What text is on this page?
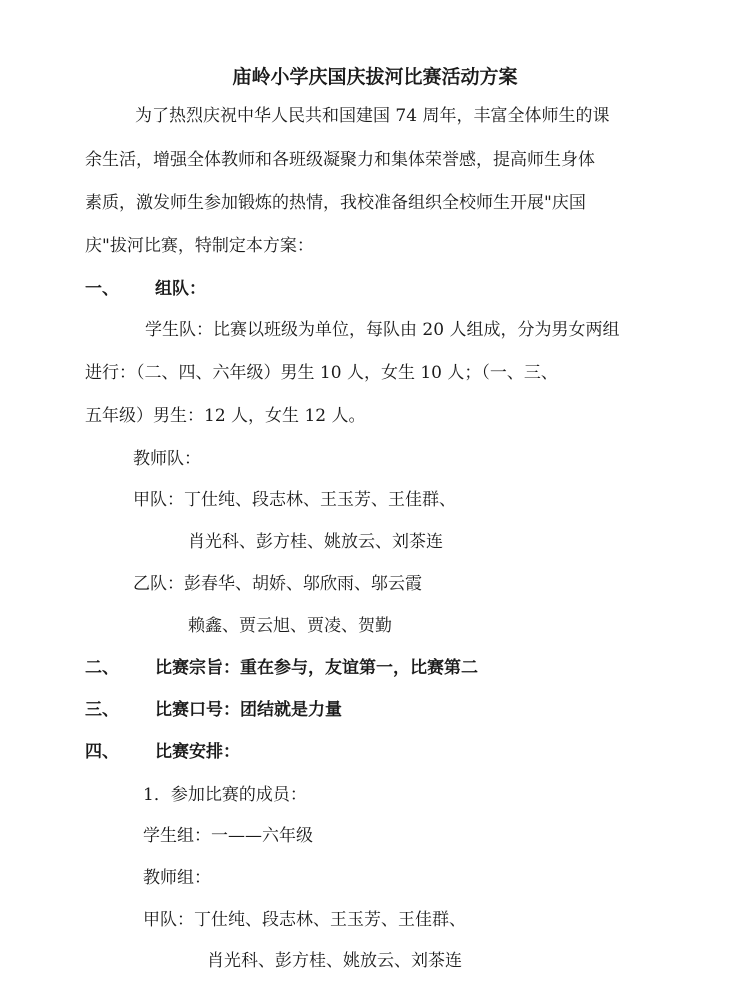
庙岭小学庆国庆拔河比赛活动方案
为了热烈庆祝中华人民共和国建国 74 周年，丰富全体师生的课
余生活，增强全体教师和各班级凝聚力和集体荣誉感，提高师生身体
素质，激发师生参加锻炼的热情，我校准备组织全校师生开展"庆国
庆"拔河比赛，特制定本方案：
一、 组队：
学生队：比赛以班级为单位，每队由 20 人组成，分为男女两组
进行：（二、四、六年级）男生 10 人，女生 10 人；（一、三、
五年级）男生：12 人，女生 12 人。
教师队：
甲队：丁仕纯、段志林、王玉芳、王佳群、
肖光科、彭方桂、姚放云、刘茶连
乙队：彭春华、胡娇、邬欣雨、邬云霞
赖鑫、贾云旭、贾凌、贺勤
二、 比赛宗旨：重在参与，友谊第一，比赛第二
三、 比赛口号：团结就是力量
四、 比赛安排：
1．参加比赛的成员：
学生组：一——六年级
教师组：
甲队：丁仕纯、段志林、王玉芳、王佳群、
肖光科、彭方桂、姚放云、刘茶连
